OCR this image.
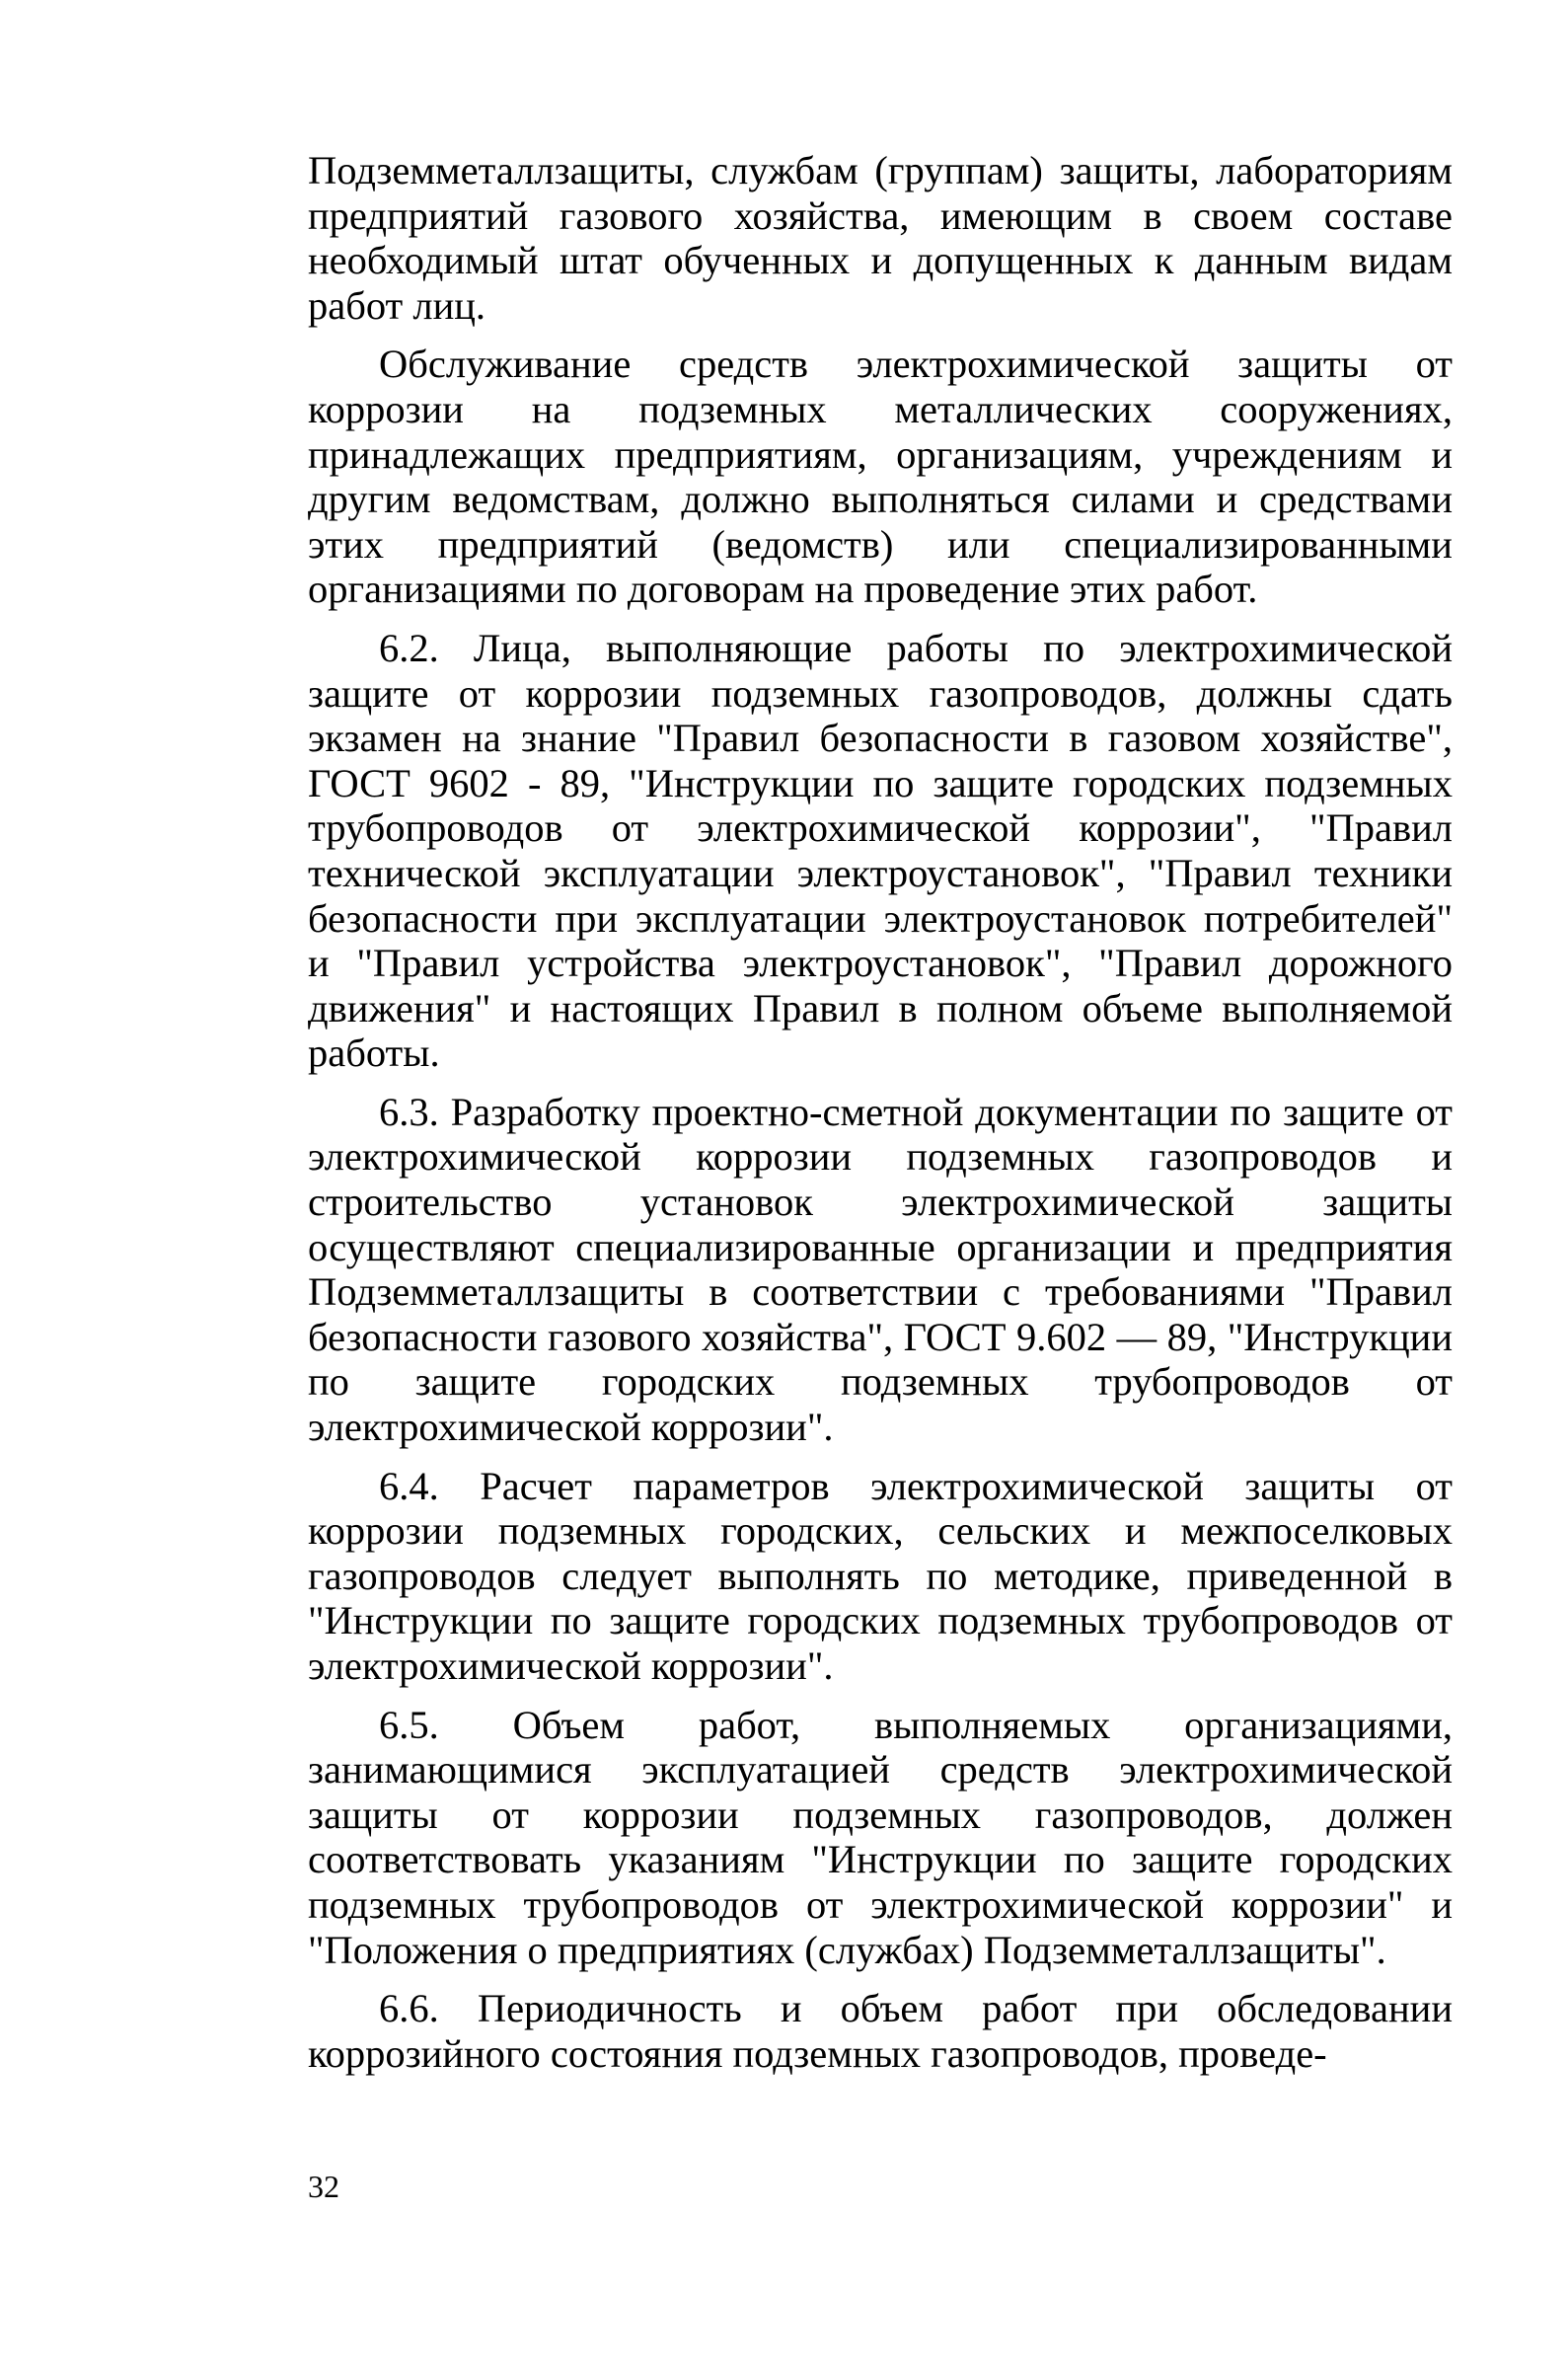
Подземметаллзащиты, службам (группам) защиты, лабораториям предприятий газового хозяйства, имеющим в своем составе необходимый штат обученных и допущенных к данным видам работ лиц.

Обслуживание средств электрохимической защиты от коррозии на подземных металлических сооружениях, принадлежащих предприятиям, организациям, учреждениям и другим ведомствам, должно выполняться силами и средствами этих предприятий (ведомств) или специализированными организациями по договорам на проведение этих работ.

6.2. Лица, выполняющие работы по электрохимической защите от коррозии подземных газопроводов, должны сдать экзамен на знание "Правил безопасности в газовом хозяйстве", ГОСТ 9602 - 89, "Инструкции по защите городских подземных трубопроводов от электрохимической коррозии", "Правил технической эксплуатации электроустановок", "Правил техники безопасности при эксплуатации электроустановок потребителей" и "Правил устройства электроустановок", "Правил дорожного движения" и настоящих Правил в полном объеме выполняемой работы.

6.3. Разработку проектно-сметной документации по защите от электрохимической коррозии подземных газопроводов и строительство установок электрохимической защиты осуществляют специализированные организации и предприятия Подземметаллзащиты в соответствии с требованиями "Правил безопасности газового хозяйства", ГОСТ 9.602 — 89, "Инструкции по защите городских подземных трубопроводов от электрохимической коррозии".

6.4. Расчет параметров электрохимической защиты от коррозии подземных городских, сельских и межпоселковых газопроводов следует выполнять по методике, приведенной в "Инструкции по защите городских подземных трубопроводов от электрохимической коррозии".

6.5. Объем работ, выполняемых организациями, занимающимися эксплуатацией средств электрохимической защиты от коррозии подземных газопроводов, должен соответствовать указаниям "Инструкции по защите городских подземных трубопроводов от электрохимической коррозии" и "Положения о предприятиях (службах) Подземметаллзащиты".

6.6. Периодичность и объем работ при обследовании коррозийного состояния подземных газопроводов, проведе-

32
